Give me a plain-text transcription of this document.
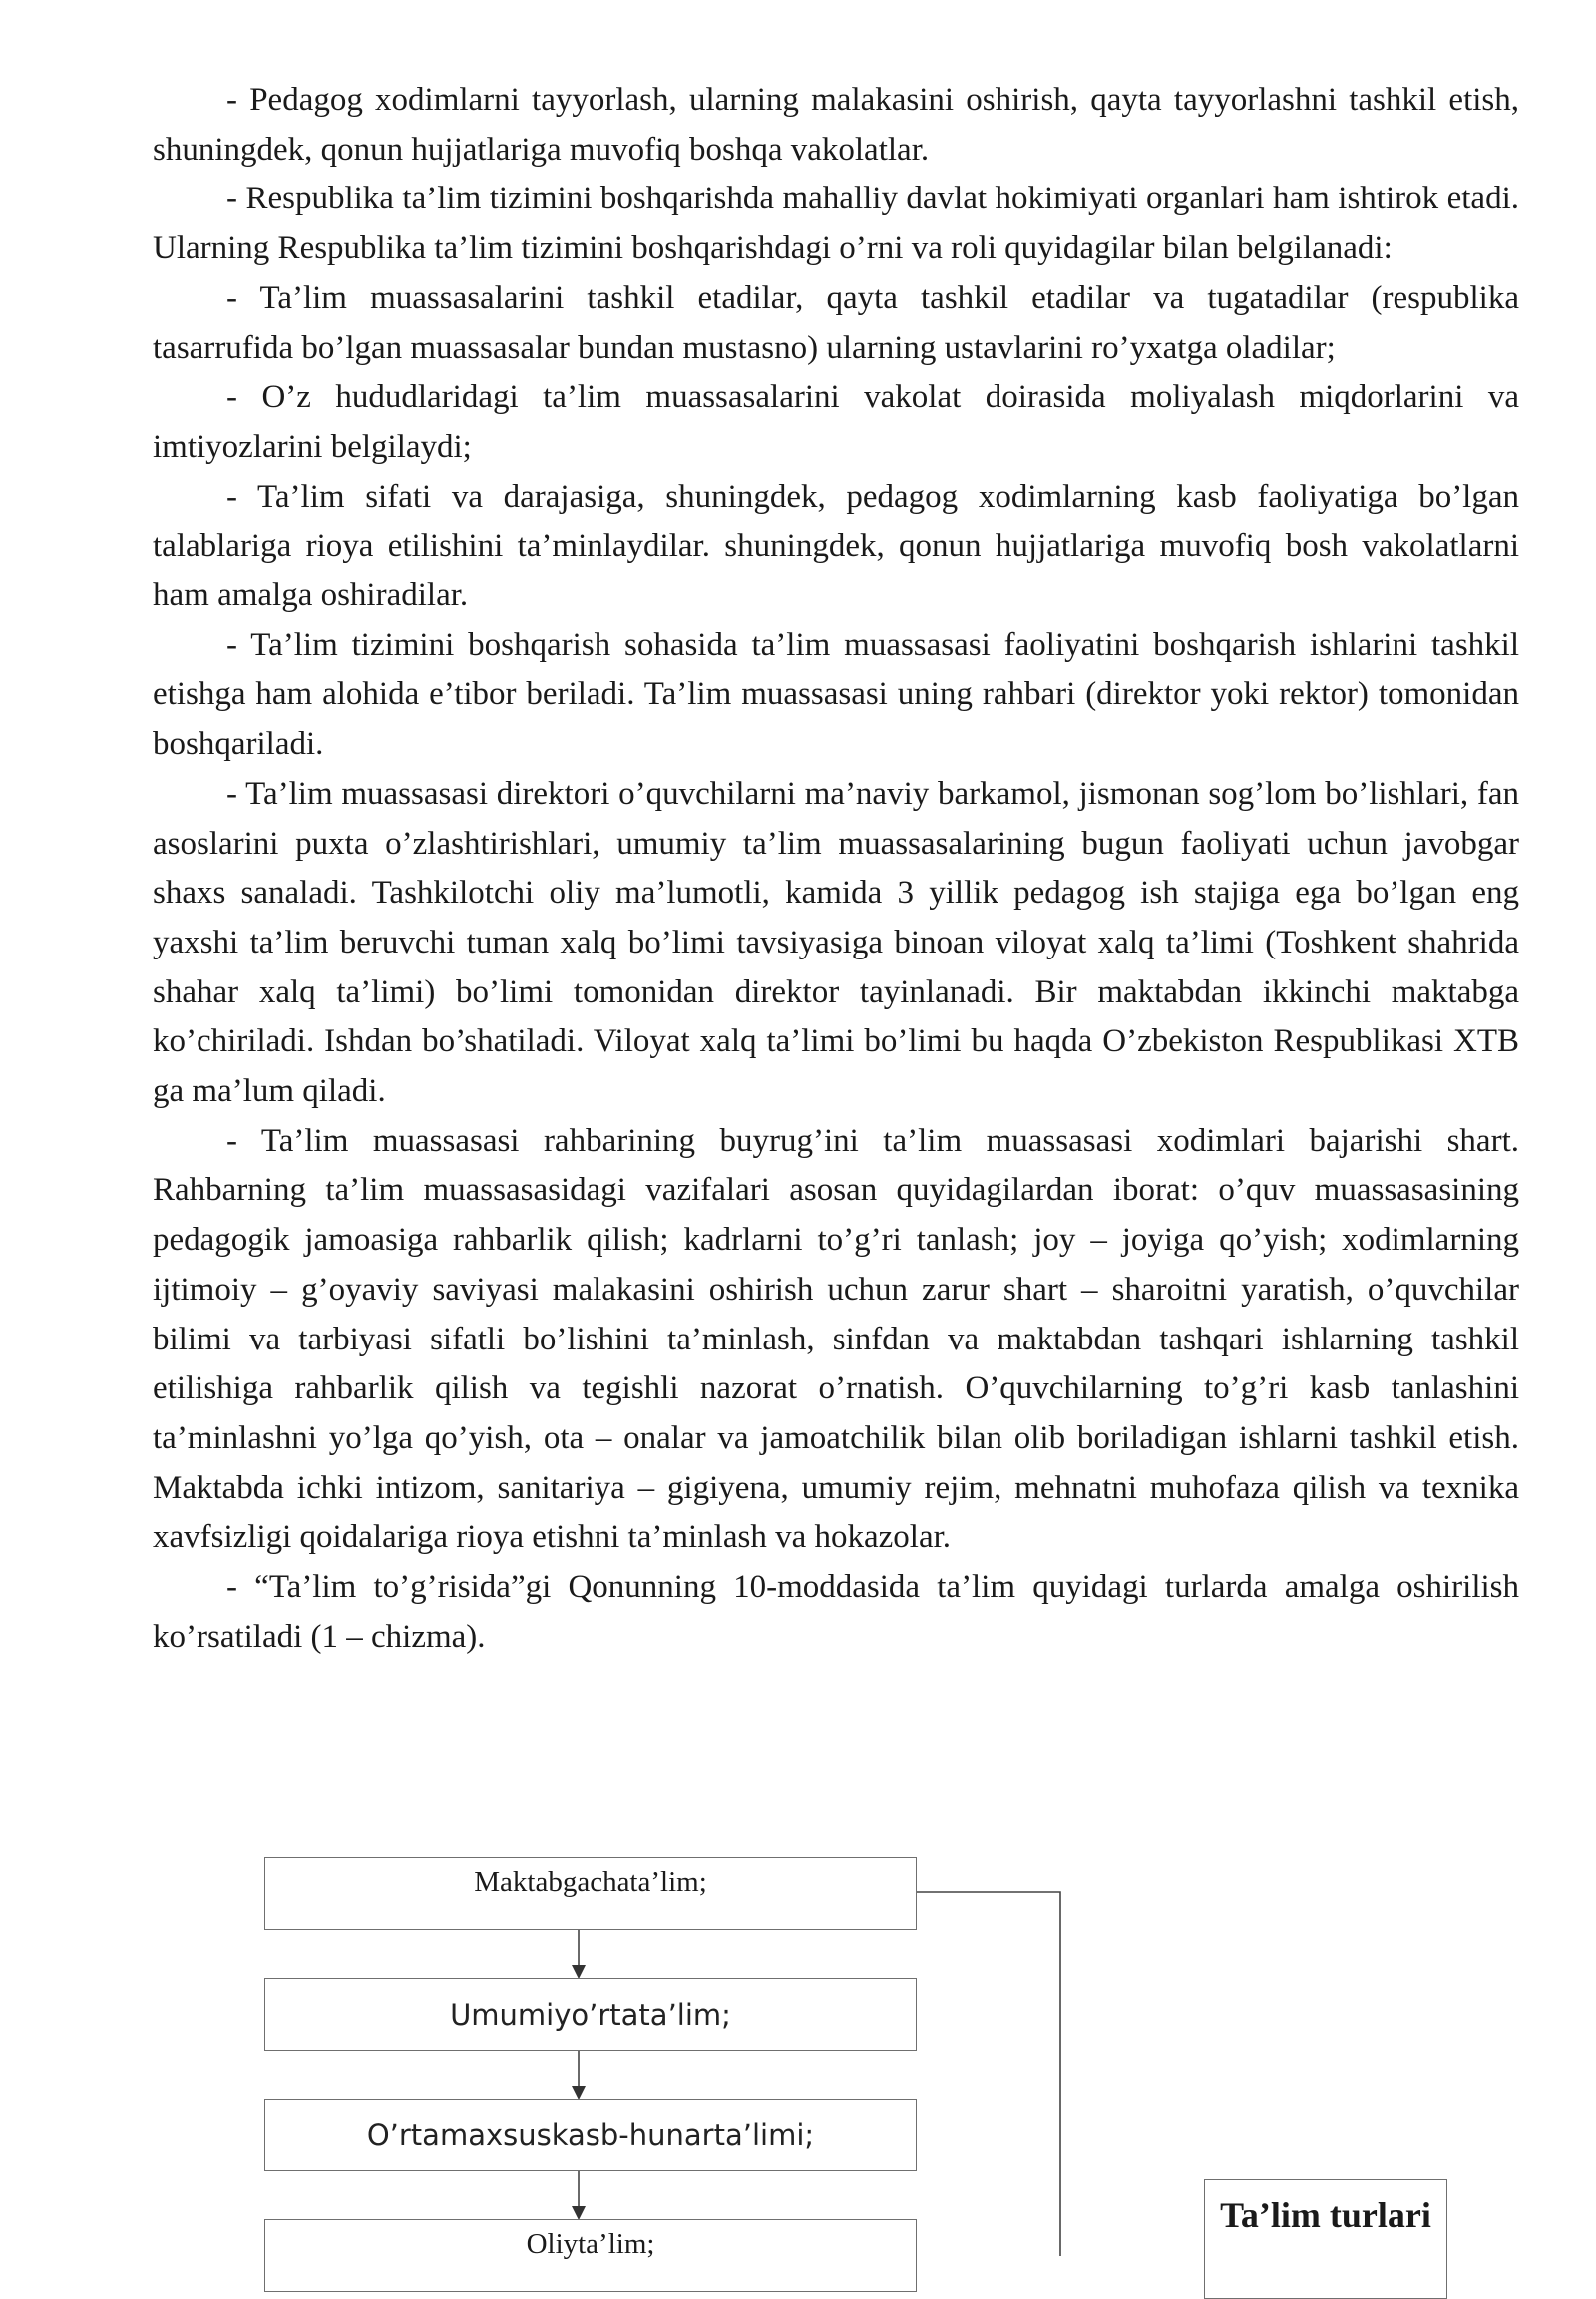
- Pedagog xodimlarni tayyorlash, ularning malakasini oshirish, qayta tayyorlashni tashkil etish, shuningdek, qonun hujjatlariga muvofiq boshqa vakolatlar.

- Respublika ta’lim tizimini boshqarishda mahalliy davlat hokimiyati organlari ham ishtirok etadi. Ularning Respublika ta’lim tizimini boshqarishdagi o’rni va roli quyidagilar bilan belgilanadi:

- Ta’lim muassasalarini tashkil etadilar, qayta tashkil etadilar va tugatadilar (respublika tasarrufida bo’lgan muassasalar bundan mustasno) ularning ustavlarini ro’yxatga oladilar;

- O’z hududlaridagi ta’lim muassasalarini vakolat doirasida moliyalash miqdorlarini va imtiyozlarini belgilaydi;

- Ta’lim sifati va darajasiga, shuningdek, pedagog xodimlarning kasb faoliyatiga bo’lgan talablariga rioya etilishini ta’minlaydilar. shuningdek, qonun hujjatlariga muvofiq bosh vakolatlarni ham amalga oshiradilar.

- Ta’lim tizimini boshqarish sohasida ta’lim muassasasi faoliyatini boshqarish ishlarini tashkil etishga ham alohida e’tibor beriladi. Ta’lim muassasasi uning rahbari (direktor yoki rektor) tomonidan boshqariladi.

- Ta’lim muassasasi direktori o’quvchilarni ma’naviy barkamol, jismonan sog’lom bo’lishlari, fan asoslarini puxta o’zlashtirishlari, umumiy ta’lim muassasalarining bugun faoliyati uchun javobgar shaxs sanaladi. Tashkilotchi oliy ma’lumotli, kamida 3 yillik pedagog ish stajiga ega bo’lgan eng yaxshi ta’lim beruvchi tuman xalq bo’limi tavsiyasiga binoan viloyat xalq ta’limi (Toshkent shahrida shahar xalq ta’limi) bo’limi tomonidan direktor tayinlanadi. Bir maktabdan ikkinchi maktabga ko’chiriladi. Ishdan bo’shatiladi. Viloyat xalq ta’limi bo’limi bu haqda O’zbekiston Respublikasi XTB ga ma’lum qiladi.

- Ta’lim muassasasi rahbarining buyrug’ini ta’lim muassasasi xodimlari bajarishi shart. Rahbarning ta’lim muassasasidagi vazifalari asosan quyidagilardan iborat: o’quv muassasasining pedagogik jamoasiga rahbarlik qilish; kadrlarni to’g’ri tanlash; joy – joyiga qo’yish; xodimlarning ijtimoiy – g’oyaviy saviyasi malakasini oshirish uchun zarur shart – sharoitni yaratish, o’quvchilar bilimi va tarbiyasi sifatli bo’lishini ta’minlash, sinfdan va maktabdan tashqari ishlarning tashkil etilishiga rahbarlik qilish va tegishli nazorat o’rnatish. O’quvchilarning to’g’ri kasb tanlashini ta’minlashni yo’lga qo’yish, ota – onalar va jamoatchilik bilan olib boriladigan ishlarni tashkil etish. Maktabda ichki intizom, sanitariya – gigiyena, umumiy rejim, mehnatni muhofaza qilish va texnika xavfsizligi qoidalariga rioya etishni ta’minlash va hokazolar.

- “Ta’lim to’g’risida”gi Qonunning 10-moddasida ta’lim quyidagi turlarda amalga oshirilish ko’rsatiladi (1 – chizma).

Maktabgachata’lim;
Umumiyo’rtata’lim;
O’rtamaxsuskasb-hunarta’limi;
Oliyta’lim;
Ta’lim turlari
